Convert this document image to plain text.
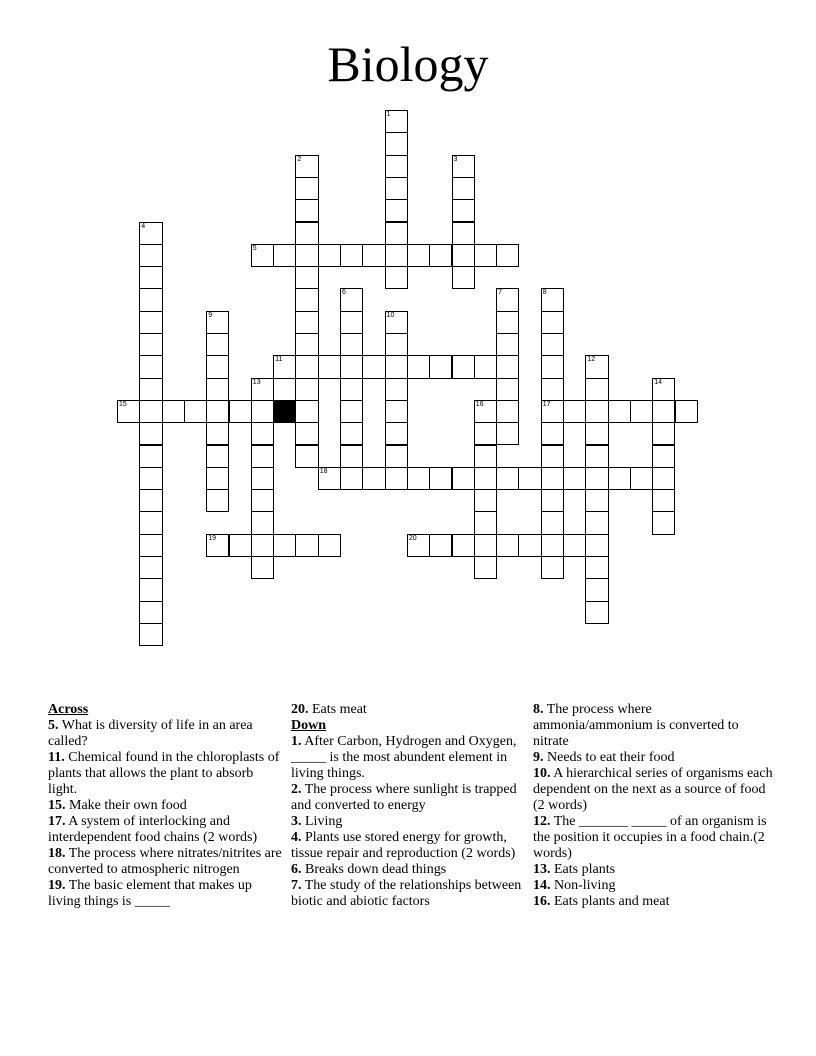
Biology
1
2	3
4
5
6	7	8
17
9	10
11	12
13	14
15	16
18
19	20
Across
5. What is diversity of life in an area called?
11. Chemical found in the chloroplasts of plants that allows the plant to absorb light.
15. Make their own food
17. A system of interlocking and interdependent food chains (2 words)
18. The process where nitrates/nitrites are converted to atmospheric nitrogen
19. The basic element that makes up living things is _____
20. Eats meat
Down
1. After Carbon, Hydrogen and Oxygen, _____ is the most abundent element in living things.
2. The process where sunlight is trapped and converted to energy
3. Living
4. Plants use stored energy for growth, tissue repair and reproduction (2 words)
6. Breaks down dead things
7. The study of the relationships between biotic and abiotic factors
8. The process where ammonia/ammonium is converted to nitrate
9. Needs to eat their food
10. A hierarchical series of organisms each dependent on the next as a source of food (2 words)
12. The _______ _____ of an organism is the position it occupies in a food chain.(2 words)
13. Eats plants
14. Non-living
16. Eats plants and meat
